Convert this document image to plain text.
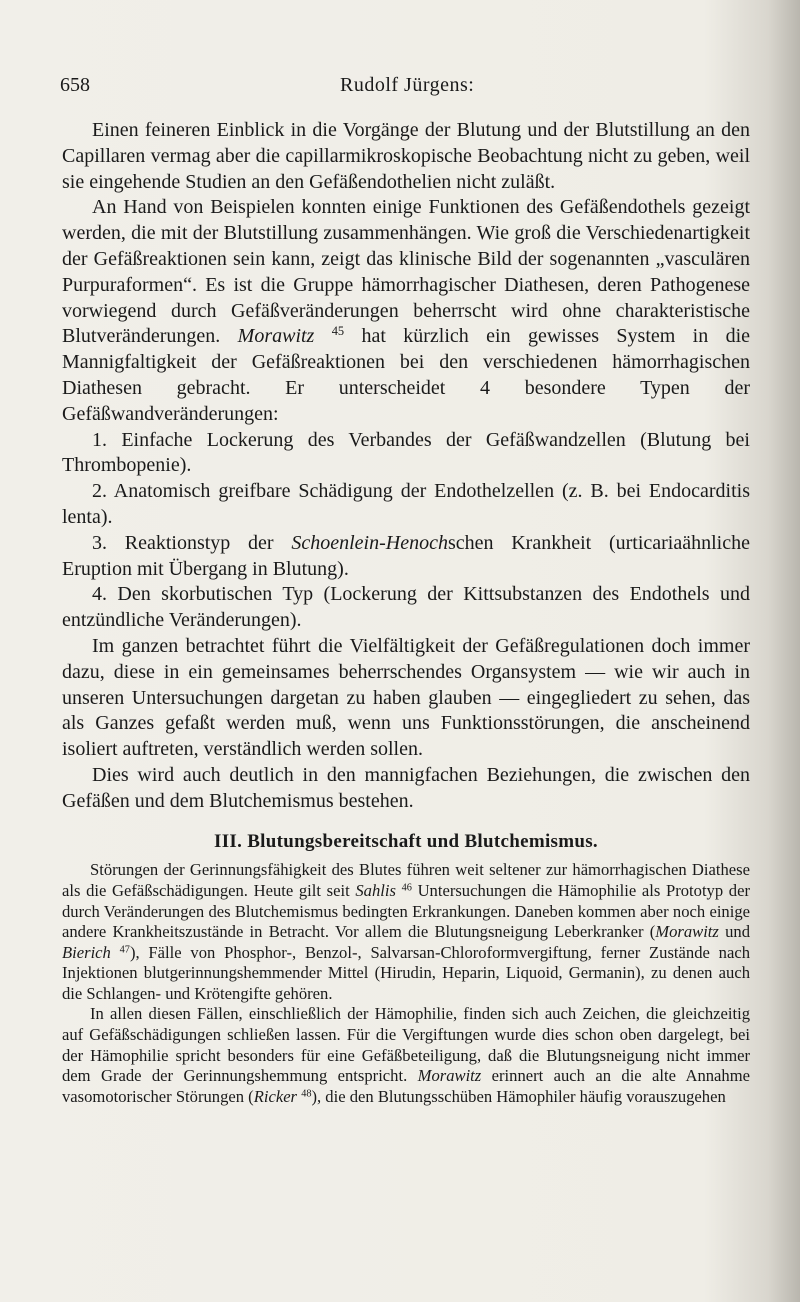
658	Rudolf Jürgens:

Einen feineren Einblick in die Vorgänge der Blutung und der Blutstillung an den Capillaren vermag aber die capillarmikroskopische Beobachtung nicht zu geben, weil sie eingehende Studien an den Gefäßendothelien nicht zuläßt.

An Hand von Beispielen konnten einige Funktionen des Gefäßendothels gezeigt werden, die mit der Blutstillung zusammenhängen. Wie groß die Verschiedenartigkeit der Gefäßreaktionen sein kann, zeigt das klinische Bild der sogenannten „vasculären Purpuraformen“. Es ist die Gruppe hämorrhagischer Diathesen, deren Pathogenese vorwiegend durch Gefäßveränderungen beherrscht wird ohne charakteristische Blutveränderungen. Morawitz $^{45}$ hat kürzlich ein gewisses System in die Mannigfaltigkeit der Gefäßreaktionen bei den verschiedenen hämorrhagischen Diathesen gebracht. Er unterscheidet 4 besondere Typen der Gefäßwandveränderungen:

1. Einfache Lockerung des Verbandes der Gefäßwandzellen (Blutung bei Thrombopenie).

2. Anatomisch greifbare Schädigung der Endothelzellen (z. B. bei Endocarditis lenta).

3. Reaktionstyp der Schoenlein-Henochschen Krankheit (urticariaähnliche Eruption mit Übergang in Blutung).

4. Den skorbutischen Typ (Lockerung der Kittsubstanzen des Endothels und entzündliche Veränderungen).

Im ganzen betrachtet führt die Vielfältigkeit der Gefäßregulationen doch immer dazu, diese in ein gemeinsames beherrschendes Organsystem — wie wir auch in unseren Untersuchungen dargetan zu haben glauben — eingegliedert zu sehen, das als Ganzes gefaßt werden muß, wenn uns Funktionsstörungen, die anscheinend isoliert auftreten, verständlich werden sollen.

Dies wird auch deutlich in den mannigfachen Beziehungen, die zwischen den Gefäßen und dem Blutchemismus bestehen.

III. Blutungsbereitschaft und Blutchemismus.

Störungen der Gerinnungsfähigkeit des Blutes führen weit seltener zur hämorrhagischen Diathese als die Gefäßschädigungen. Heute gilt seit Sahlis $^{46}$ Untersuchungen die Hämophilie als Prototyp der durch Veränderungen des Blutchemismus bedingten Erkrankungen. Daneben kommen aber noch einige andere Krankheitszustände in Betracht. Vor allem die Blutungsneigung Leberkranker (Morawitz und Bierich $^{47}$), Fälle von Phosphor-, Benzol-, Salvarsan-Chloroformvergiftung, ferner Zustände nach Injektionen blutgerinnungshemmender Mittel (Hirudin, Heparin, Liquoid, Germanin), zu denen auch die Schlangen- und Krötengifte gehören.

In allen diesen Fällen, einschließlich der Hämophilie, finden sich auch Zeichen, die gleichzeitig auf Gefäßschädigungen schließen lassen. Für die Vergiftungen wurde dies schon oben dargelegt, bei der Hämophilie spricht besonders für eine Gefäßbeteiligung, daß die Blutungsneigung nicht immer dem Grade der Gerinnungshemmung entspricht. Morawitz erinnert auch an die alte Annahme vasomotorischer Störungen (Ricker $^{48}$), die den Blutungsschüben Hämophiler häufig vorauszugehen
